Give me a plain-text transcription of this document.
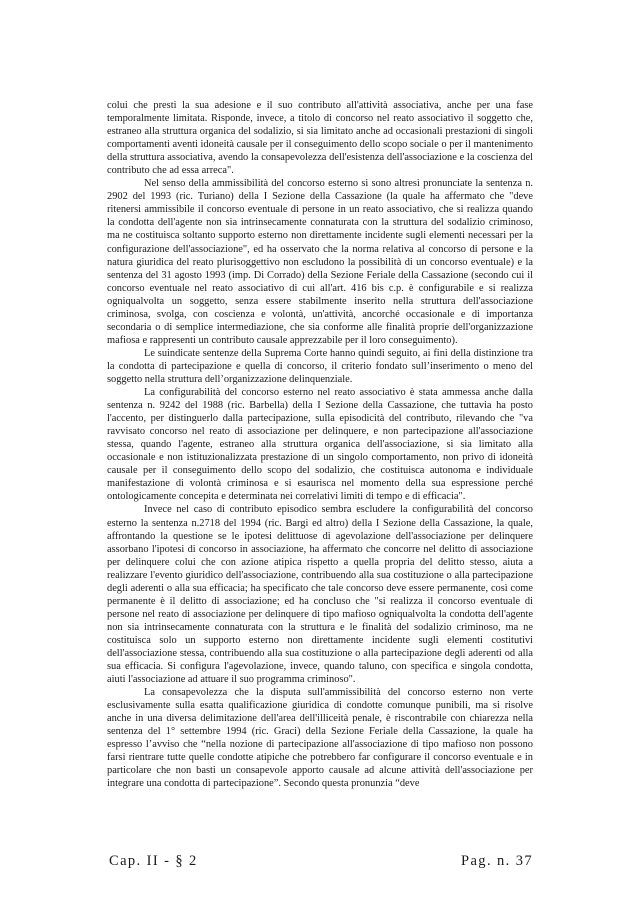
colui che presti la sua adesione e il suo contributo all'attività associativa, anche per una fase temporalmente limitata. Risponde, invece, a titolo di concorso nel reato associativo il soggetto che, estraneo alla struttura organica del sodalizio, si sia limitato anche ad occasionali prestazioni di singoli comportamenti aventi idoneità causale per il conseguimento dello scopo sociale o per il mantenimento della struttura associativa, avendo la consapevolezza dell'esistenza dell'associazione e la coscienza del contributo che ad essa arreca".

Nel senso della ammissibilità del concorso esterno si sono altresì pronunciate la sentenza n. 2902 del 1993 (ric. Turiano) della I Sezione della Cassazione (la quale ha affermato che "deve ritenersi ammissibile il concorso eventuale di persone in un reato associativo, che si realizza quando la condotta dell'agente non sia intrinsecamente connaturata con la struttura del sodalizio criminoso, ma ne costituisca soltanto supporto esterno non direttamente incidente sugli elementi necessari per la configurazione dell'associazione", ed ha osservato che la norma relativa al concorso di persone e la natura giuridica del reato plurisoggettivo non escludono la possibilità di un concorso eventuale) e la sentenza del 31 agosto 1993 (imp. Di Corrado) della Sezione Feriale della Cassazione (secondo cui il concorso eventuale nel reato associativo di cui all'art. 416 bis c.p. è configurabile e si realizza ogniqualvolta un soggetto, senza essere stabilmente inserito nella struttura dell'associazione criminosa, svolga, con coscienza e volontà, un'attività, ancorché occasionale e di importanza secondaria o di semplice intermediazione, che sia conforme alle finalità proprie dell'organizzazione mafiosa e rappresenti un contributo causale apprezzabile per il loro conseguimento).

Le suindicate sentenze della Suprema Corte hanno quindi seguito, ai fini della distinzione tra la condotta di partecipazione e quella di concorso, il criterio fondato sull’inserimento o meno del soggetto nella struttura dell’organizzazione delinquenziale.

La configurabilità del concorso esterno nel reato associativo è stata ammessa anche dalla sentenza n. 9242 del 1988 (ric. Barbella) della I Sezione della Cassazione, che tuttavia ha posto l'accento, per distinguerlo dalla partecipazione, sulla episodicità del contributo, rilevando che "va ravvisato concorso nel reato di associazione per delinquere, e non partecipazione all'associazione stessa, quando l'agente, estraneo alla struttura organica dell'associazione, si sia limitato alla occasionale e non istituzionalizzata prestazione di un singolo comportamento, non privo di idoneità causale per il conseguimento dello scopo del sodalizio, che costituisca autonoma e individuale manifestazione di volontà criminosa e si esaurisca nel momento della sua espressione perché ontologicamente concepita e determinata nei correlativi limiti di tempo e di efficacia".

Invece nel caso di contributo episodico sembra escludere la configurabilità del concorso esterno la sentenza n.2718 del 1994 (ric. Bargi ed altro) della I Sezione della Cassazione, la quale, affrontando la questione se le ipotesi delittuose di agevolazione dell'associazione per delinquere assorbano l'ipotesi di concorso in associazione, ha affermato che concorre nel delitto di associazione per delinquere colui che con azione atipica rispetto a quella propria del delitto stesso, aiuta a realizzare l'evento giuridico dell'associazione, contribuendo alla sua costituzione o alla partecipazione degli aderenti o alla sua efficacia; ha specificato che tale concorso deve essere permanente, così come permanente è il delitto di associazione; ed ha concluso che "si realizza il concorso eventuale di persone nel reato di associazione per delinquere di tipo mafioso ogniqualvolta la condotta dell'agente non sia intrinsecamente connaturata con la struttura e le finalità del sodalizio criminoso, ma ne costituisca solo un supporto esterno non direttamente incidente sugli elementi costitutivi dell'associazione stessa, contribuendo alla sua costituzione o alla partecipazione degli aderenti od alla sua efficacia. Si configura l'agevolazione, invece, quando taluno, con specifica e singola condotta, aiuti l'associazione ad attuare il suo programma criminoso".

La consapevolezza che la disputa sull'ammissibilità del concorso esterno non verte esclusivamente sulla esatta qualificazione giuridica di condotte comunque punibili, ma si risolve anche in una diversa delimitazione dell'area dell'illiceità penale, è riscontrabile con chiarezza nella sentenza del 1° settembre 1994 (ric. Graci) della Sezione Feriale della Cassazione, la quale ha espresso l’avviso che “nella nozione di partecipazione all'associazione di tipo mafioso non possono farsi rientrare tutte quelle condotte atipiche che potrebbero far configurare il concorso eventuale e in particolare che non basti un consapevole apporto causale ad alcune attività dell'associazione per integrare una condotta di partecipazione”. Secondo questa pronunzia “deve

Cap. II - § 2	Pag. n. 37
